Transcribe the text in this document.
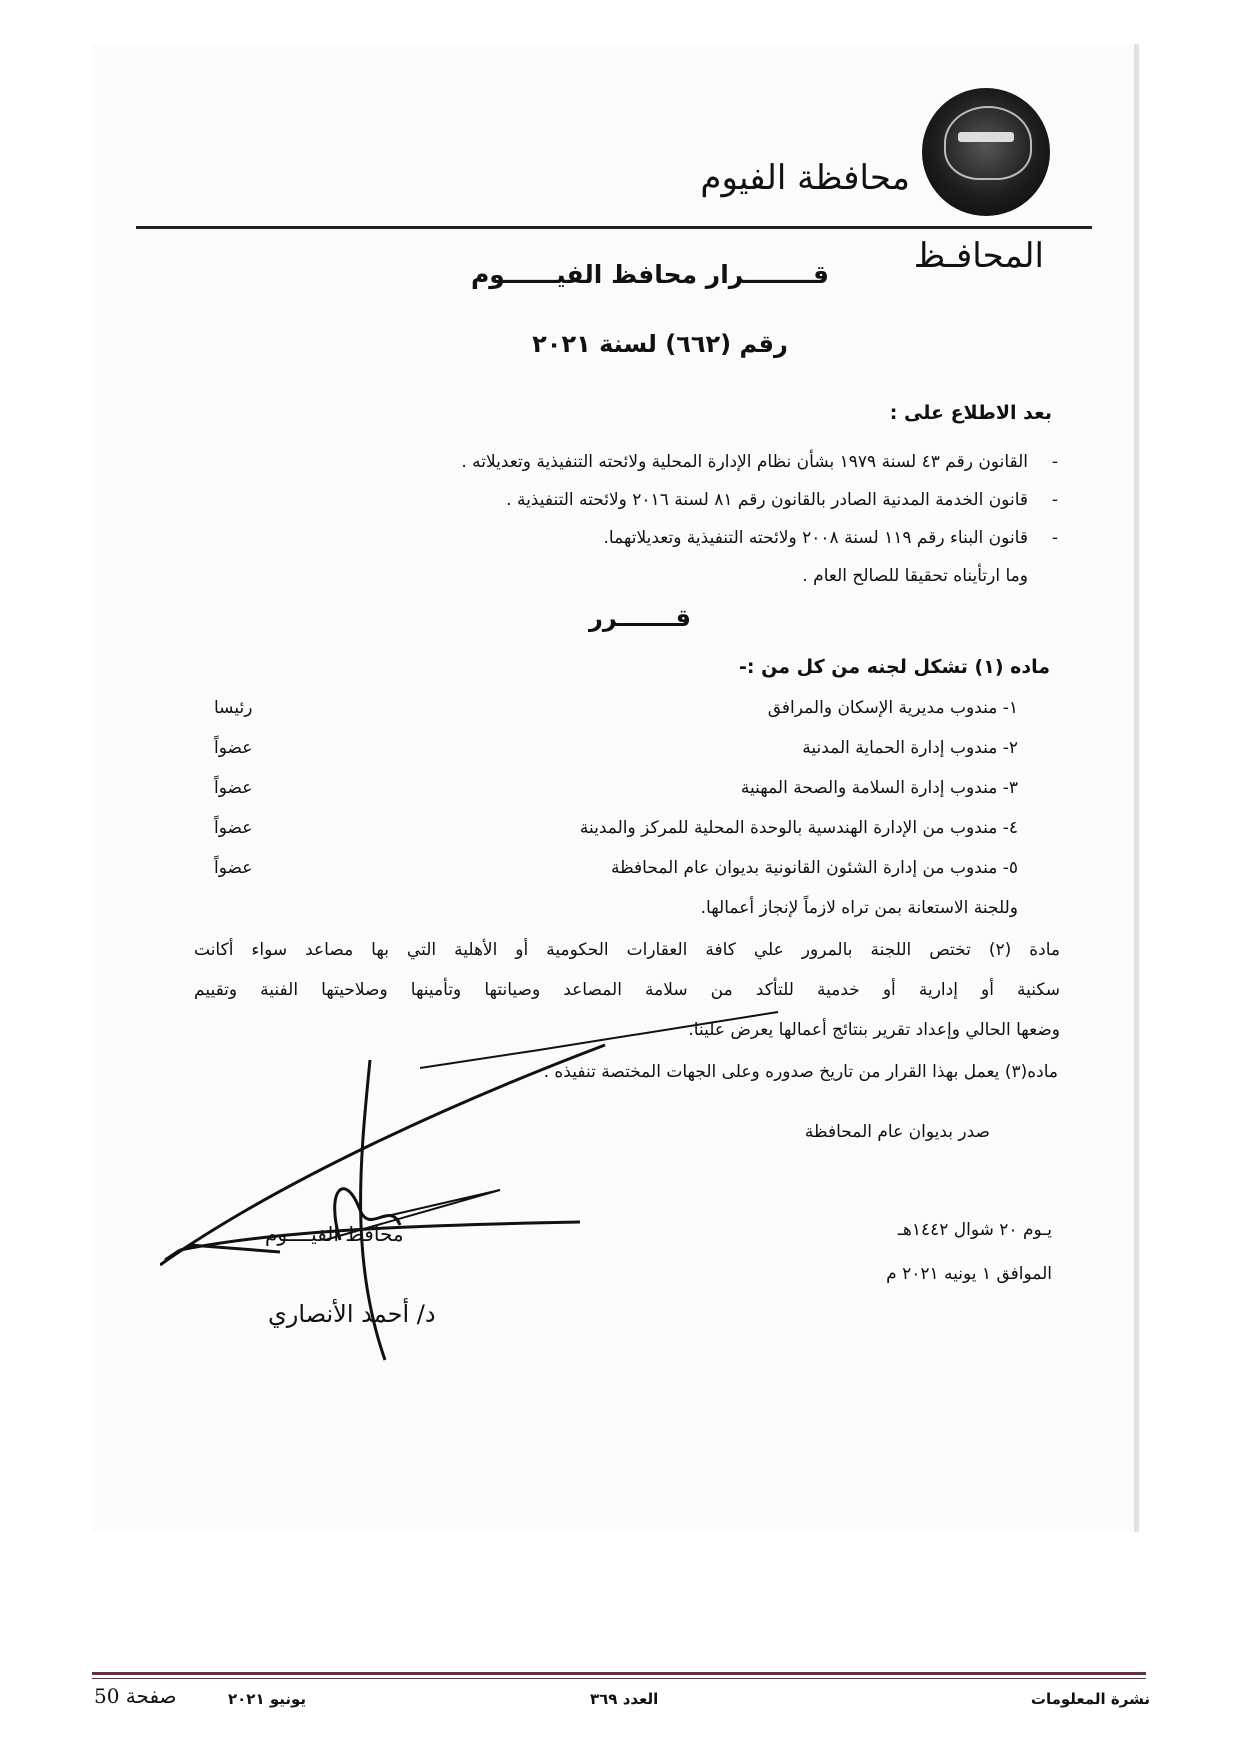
محافظة الفيوم
المحافـظ
قــــــــرار محافظ الفيــــــوم
رقم (٦٦٢) لسنة ٢٠٢١
بعد الاطلاع على :
-القانون رقم ٤٣ لسنة ١٩٧٩ بشأن نظام الإدارة المحلية ولائحته التنفيذية وتعديلاته .
-قانون الخدمة المدنية الصادر بالقانون رقم ٨١ لسنة ٢٠١٦ ولائحته التنفيذية .
-قانون البناء رقم ١١٩ لسنة ٢٠٠٨ ولائحته التنفيذية وتعديلاتهما.
وما ارتأيناه تحقيقا للصالح العام .
قـــــــرر
ماده (١) تشكل لجنه من كل من :-
١- مندوب مديرية الإسكان والمرافق
رئيسا
٢- مندوب إدارة الحماية المدنية
عضواً
٣- مندوب إدارة السلامة والصحة المهنية
عضواً
٤- مندوب من الإدارة الهندسية بالوحدة المحلية للمركز والمدينة
عضواً
٥- مندوب من إدارة الشئون القانونية بديوان عام المحافظة
عضواً
وللجنة الاستعانة بمن تراه لازماً لإنجاز أعمالها.
مادة (٢) تختص اللجنة بالمرور علي كافة العقارات الحكومية أو الأهلية التي بها مصاعد سواء أكانت
سكنية أو إدارية أو خدمية للتأكد من سلامة المصاعد وصيانتها وتأمينها وصلاحيتها الفنية وتقييم
وضعها الحالي وإعداد تقرير بنتائج أعمالها يعرض علينا.
ماده(٣) يعمل بهذا القرار من تاريخ صدوره وعلى الجهات المختصة تنفيذه .
صدر بديوان عام المحافظة
يـوم ٢٠ شوال ١٤٤٢هـ
الموافق ١ يونيه ٢٠٢١ م
محافظ الفيــــوم
د/ أحمد الأنصاري
نشرة المعلومات
العدد ٣٦٩
يونيو ٢٠٢١
صفحة 50
